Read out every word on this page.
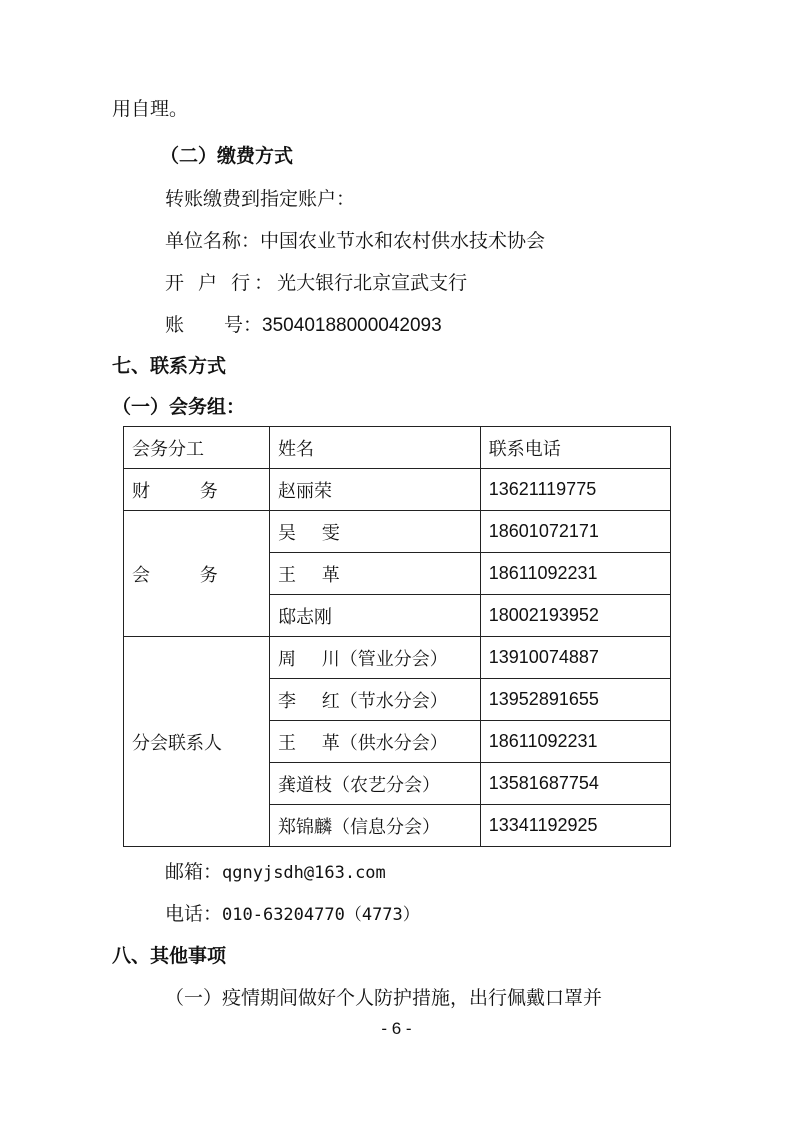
用自理。
（二）缴费方式
转账缴费到指定账户：
单位名称：中国农业节水和农村供水技术协会
开 户 行：光大银行北京宣武支行
账 号：35040188000042093
七、联系方式
（一）会务组：
会务分工	姓名	联系电话
财 务	赵丽荣	13621119775
会 务	吴 雯	18601072171
	王 革	18611092231
	邸志刚	18002193952
分会联系人	周 川（管业分会）	13910074887
	李 红（节水分会）	13952891655
	王 革（供水分会）	18611092231
	龚道枝（农艺分会）	13581687754
	郑锦麟（信息分会）	13341192925
邮箱：qgnyjsdh@163.com
电话：010-63204770（4773）
八、其他事项
（一）疫情期间做好个人防护措施，出行佩戴口罩并
- 6 -
